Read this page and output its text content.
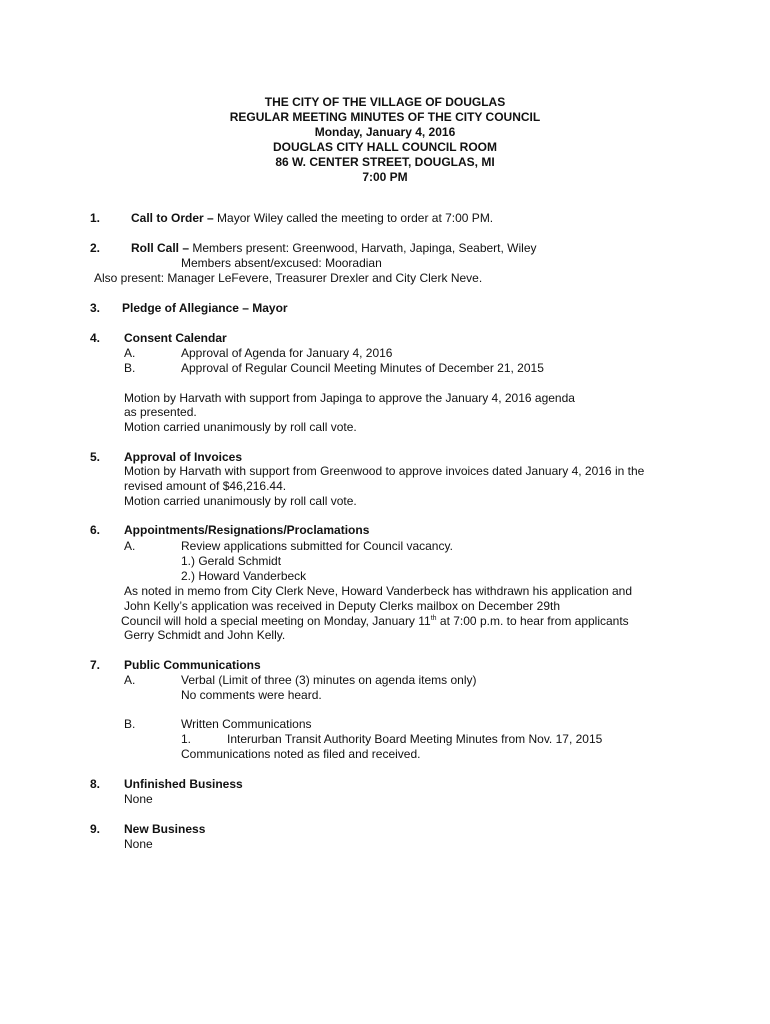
THE CITY OF THE VILLAGE OF DOUGLAS
REGULAR MEETING MINUTES OF THE CITY COUNCIL
Monday, January 4, 2016
DOUGLAS CITY HALL COUNCIL ROOM
86 W. CENTER STREET, DOUGLAS, MI
7:00 PM
1.	Call to Order – Mayor Wiley called the meeting to order at 7:00 PM.
2.	Roll Call – Members present: Greenwood, Harvath, Japinga, Seabert, Wiley
Members absent/excused: Mooradian
Also present: Manager LeFevere, Treasurer Drexler and City Clerk Neve.
3. Pledge of Allegiance – Mayor
4. Consent Calendar
A.	Approval of Agenda for January 4, 2016
B.	Approval of Regular Council Meeting Minutes of December 21, 2015
Motion by Harvath with support from Japinga to approve the January 4, 2016 agenda
as presented.
Motion carried unanimously by roll call vote.
5. Approval of Invoices
Motion by Harvath with support from Greenwood to approve invoices dated January 4, 2016 in the
revised amount of $46,216.44.
Motion carried unanimously by roll call vote.
6. Appointments/Resignations/Proclamations
A.	Review applications submitted for Council vacancy.
1.) Gerald Schmidt
2.) Howard Vanderbeck
As noted in memo from City Clerk Neve, Howard Vanderbeck has withdrawn his application and
John Kelly’s application was received in Deputy Clerks mailbox on December 29th
Council will hold a special meeting on Monday, January 11th at 7:00 p.m. to hear from applicants
Gerry Schmidt and John Kelly.
7. Public Communications
A.	Verbal (Limit of three (3) minutes on agenda items only)
No comments were heard.
B.	Written Communications
1.	Interurban Transit Authority Board Meeting Minutes from Nov. 17, 2015
Communications noted as filed and received.
8. Unfinished Business
None
9. New Business
None
